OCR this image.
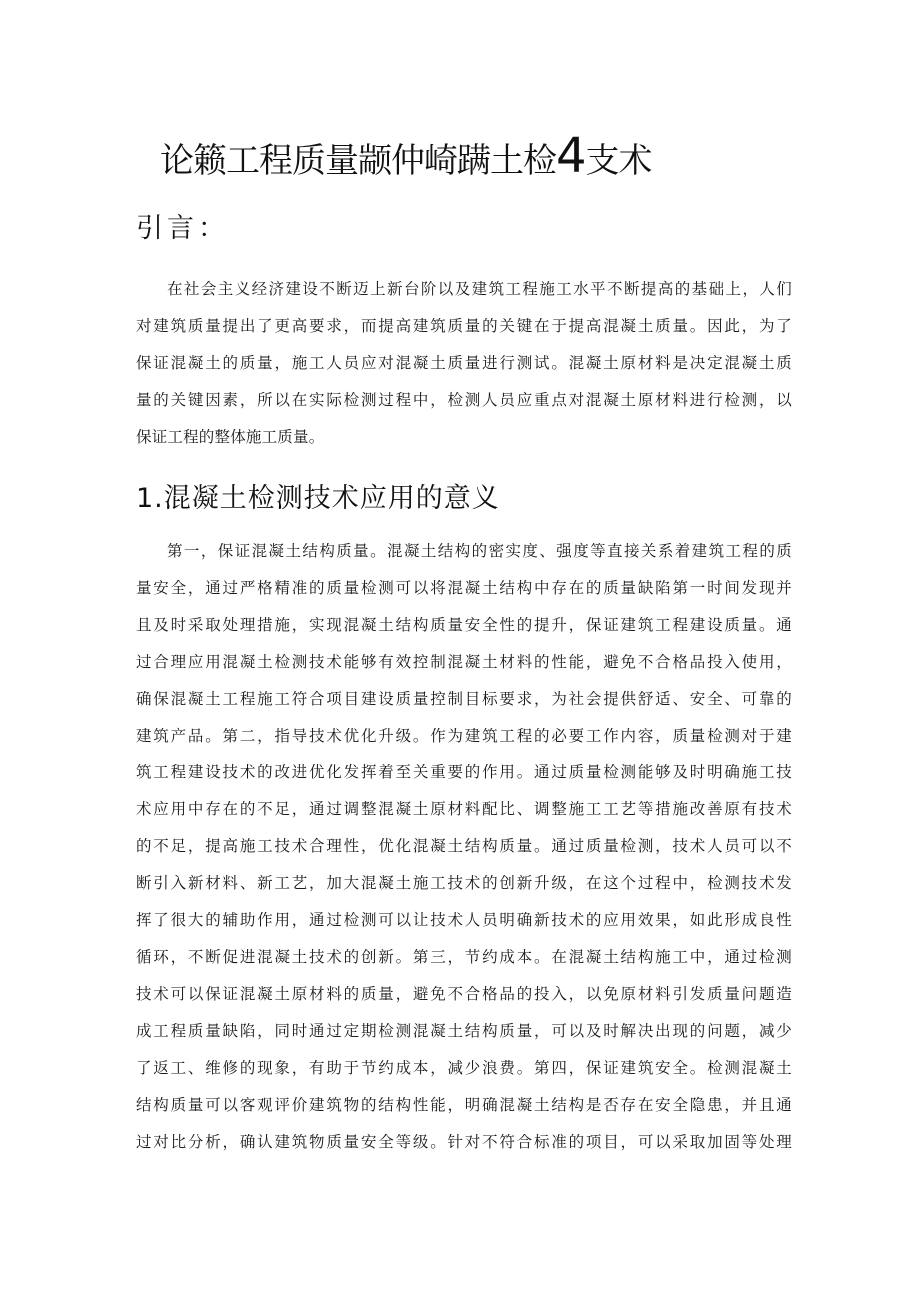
论籁工程质量颛仲崎蹒土检4支术
引言：
在社会主义经济建设不断迈上新台阶以及建筑工程施工水平不断提高的基础上，人们
对建筑质量提出了更高要求，而提高建筑质量的关键在于提高混凝土质量。因此，为了
保证混凝土的质量，施工人员应对混凝土质量进行测试。混凝土原材料是决定混凝土质
量的关键因素，所以在实际检测过程中，检测人员应重点对混凝土原材料进行检测，以
保证工程的整体施工质量。
1.混凝土检测技术应用的意义
第一，保证混凝土结构质量。混凝土结构的密实度、强度等直接关系着建筑工程的质
量安全，通过严格精准的质量检测可以将混凝土结构中存在的质量缺陷第一时间发现并
且及时采取处理措施，实现混凝土结构质量安全性的提升，保证建筑工程建设质量。通
过合理应用混凝土检测技术能够有效控制混凝土材料的性能，避免不合格品投入使用，
确保混凝土工程施工符合项目建设质量控制目标要求，为社会提供舒适、安全、可靠的
建筑产品。第二，指导技术优化升级。作为建筑工程的必要工作内容，质量检测对于建
筑工程建设技术的改进优化发挥着至关重要的作用。通过质量检测能够及时明确施工技
术应用中存在的不足，通过调整混凝土原材料配比、调整施工工艺等措施改善原有技术
的不足，提高施工技术合理性，优化混凝土结构质量。通过质量检测，技术人员可以不
断引入新材料、新工艺，加大混凝土施工技术的创新升级，在这个过程中，检测技术发
挥了很大的辅助作用，通过检测可以让技术人员明确新技术的应用效果，如此形成良性
循环，不断促进混凝土技术的创新。第三，节约成本。在混凝土结构施工中，通过检测
技术可以保证混凝土原材料的质量，避免不合格品的投入，以免原材料引发质量问题造
成工程质量缺陷，同时通过定期检测混凝土结构质量，可以及时解决出现的问题，减少
了返工、维修的现象，有助于节约成本，减少浪费。第四，保证建筑安全。检测混凝土
结构质量可以客观评价建筑物的结构性能，明确混凝土结构是否存在安全隐患，并且通
过对比分析，确认建筑物质量安全等级。针对不符合标准的项目，可以采取加固等处理
